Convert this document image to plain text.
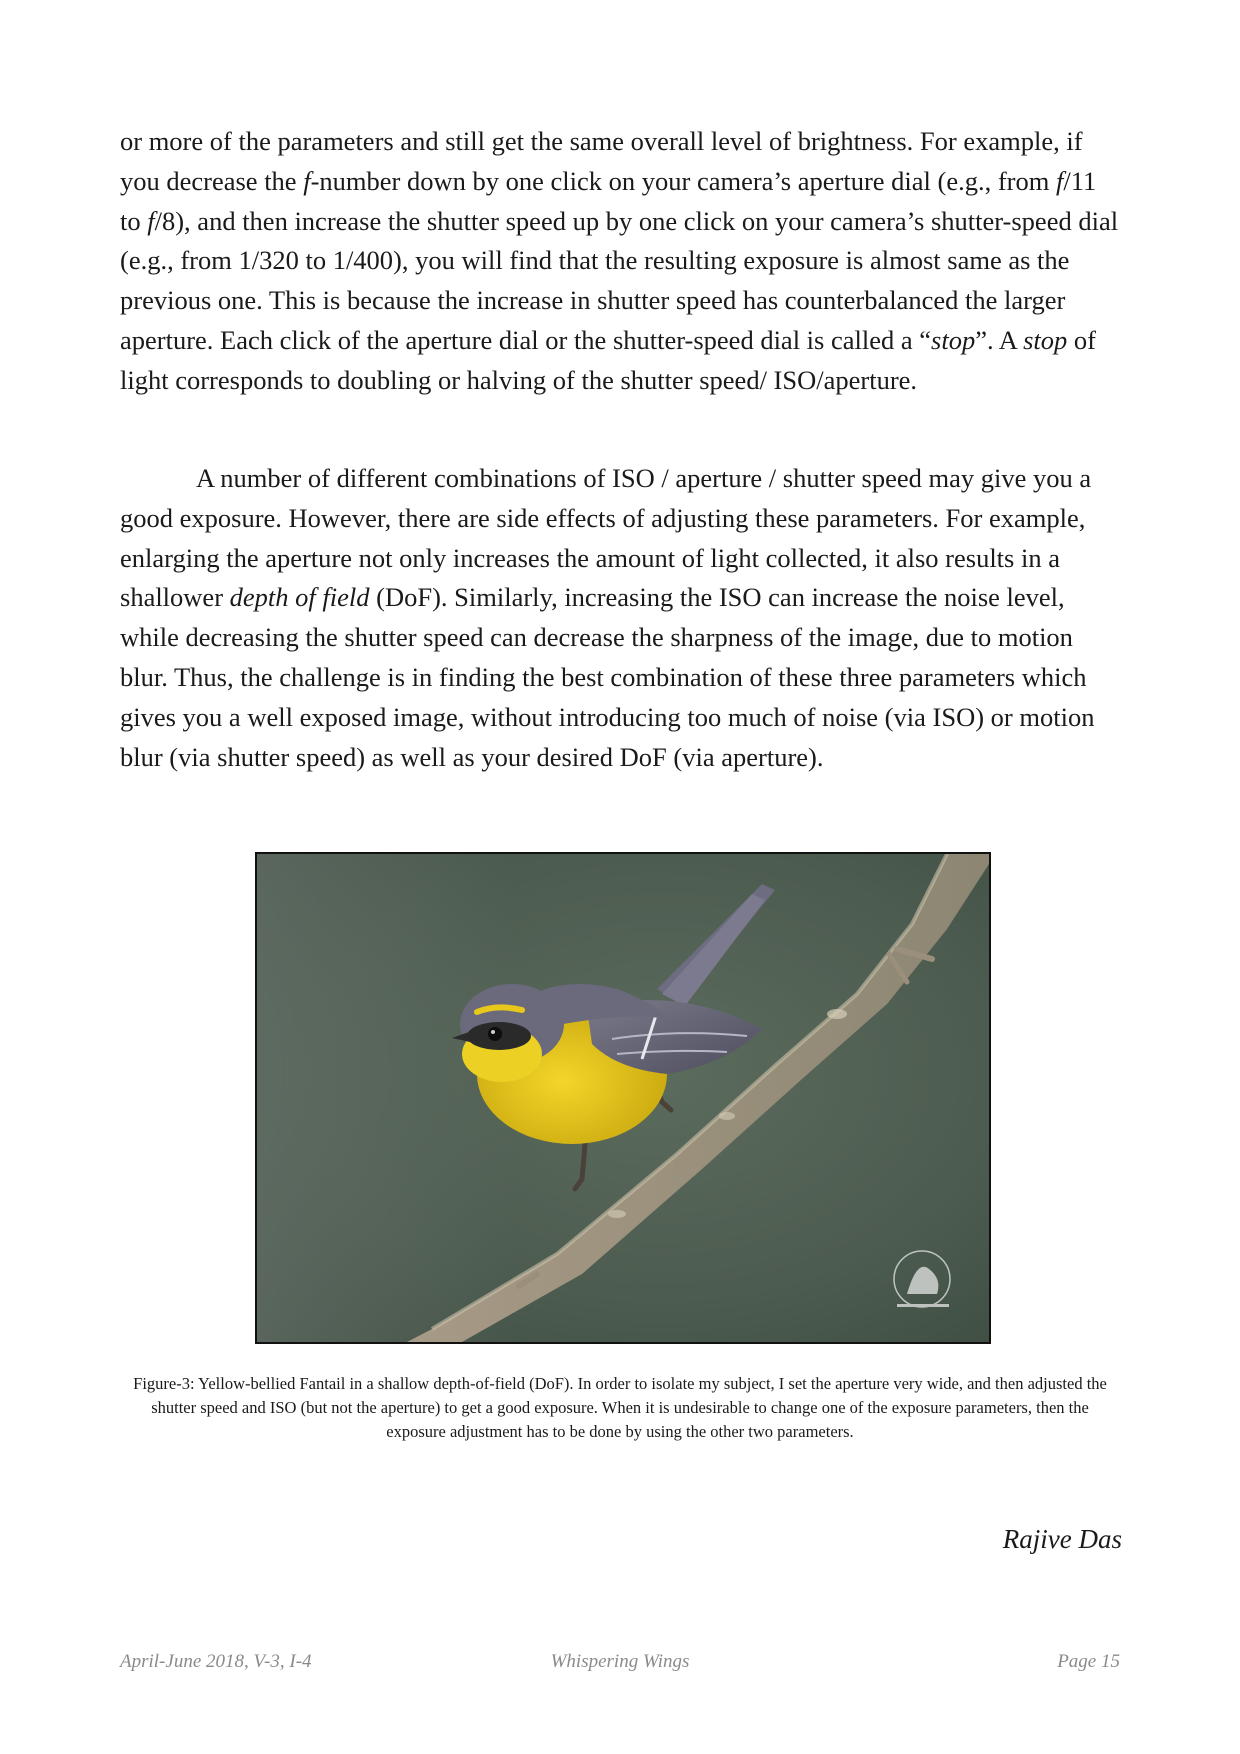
or more of the parameters and still get the same overall level of brightness. For example, if you decrease the f-number down by one click on your camera’s aperture dial (e.g., from f/11 to f/8), and then increase the shutter speed up by one click on your camera’s shutter-speed dial (e.g., from 1/320 to 1/400), you will find that the resulting exposure is almost same as the previous one. This is because the increase in shutter speed has counterbalanced the larger aperture. Each click of the aperture dial or the shutter-speed dial is called a “stop”. A stop of light corresponds to doubling or halving of the shutter speed/ ISO/aperture.

A number of different combinations of ISO / aperture / shutter speed may give you a good exposure. However, there are side effects of adjusting these parameters. For example, enlarging the aperture not only increases the amount of light collected, it also results in a shallower depth of field (DoF). Similarly, increasing the ISO can increase the noise level, while decreasing the shutter speed can decrease the sharpness of the image, due to motion blur. Thus, the challenge is in finding the best combination of these three parameters which gives you a well exposed image, without introducing too much of noise (via ISO) or motion blur (via shutter speed) as well as your desired DoF (via aperture).

Figure-3: Yellow-bellied Fantail in a shallow depth-of-field (DoF). In order to isolate my subject, I set the aperture very wide, and then adjusted the shutter speed and ISO (but not the aperture) to get a good exposure. When it is undesirable to change one of the exposure parameters, then the exposure adjustment has to be done by using the other two parameters.

Rajive Das

April-June 2018, V-3, I-4	Whispering Wings	Page 15
